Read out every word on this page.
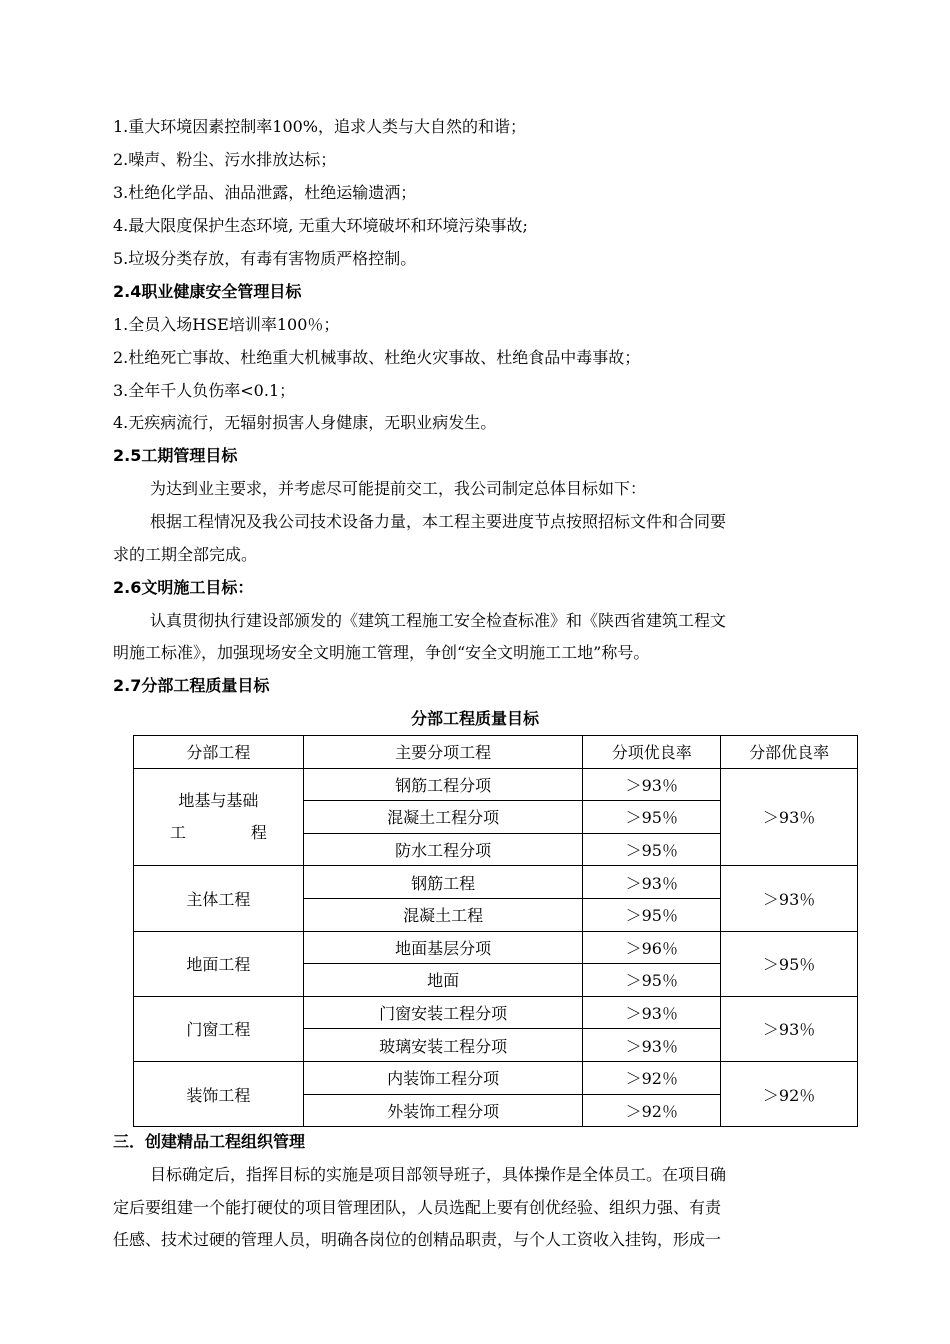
1.重大环境因素控制率100%，追求人类与大自然的和谐；
2.噪声、粉尘、污水排放达标；
3.杜绝化学品、油品泄露，杜绝运输遗洒；
4.最大限度保护生态环境, 无重大环境破坏和环境污染事故;
5.垃圾分类存放，有毒有害物质严格控制。
2.4职业健康安全管理目标
1.全员入场HSE培训率100％；
2.杜绝死亡事故、杜绝重大机械事故、杜绝火灾事故、杜绝食品中毒事故；
3.全年千人负伤率<0.1；
4.无疾病流行，无辐射损害人身健康，无职业病发生。
2.5工期管理目标
为达到业主要求，并考虑尽可能提前交工，我公司制定总体目标如下：
根据工程情况及我公司技术设备力量，本工程主要进度节点按照招标文件和合同要
求的工期全部完成。
2.6文明施工目标：
认真贯彻执行建设部颁发的《建筑工程施工安全检查标准》和《陕西省建筑工程文
明施工标准》，加强现场安全文明施工管理，争创“安全文明施工工地”称号。
2.7分部工程质量目标
分部工程质量目标
分部工程	主要分项工程	分项优良率	分部优良率

地基与基础
工 程	钢筋工程分项	＞93％	＞93％
	混凝土工程分项	＞95％	
	防水工程分项	＞95％	
主体工程	钢筋工程	＞93％	＞93％
	混凝土工程	＞95％	
地面工程	地面基层分项	＞96％	＞95％
	地面	＞95％	
门窗工程	门窗安装工程分项	＞93％	＞93％
	玻璃安装工程分项	＞93％	
装饰工程	内装饰工程分项	＞92％	＞92％
	外装饰工程分项	＞92％	
三．创建精品工程组织管理
目标确定后，指挥目标的实施是项目部领导班子，具体操作是全体员工。在项目确
定后要组建一个能打硬仗的项目管理团队，人员选配上要有创优经验、组织力强、有责
任感、技术过硬的管理人员，明确各岗位的创精品职责，与个人工资收入挂钩，形成一
